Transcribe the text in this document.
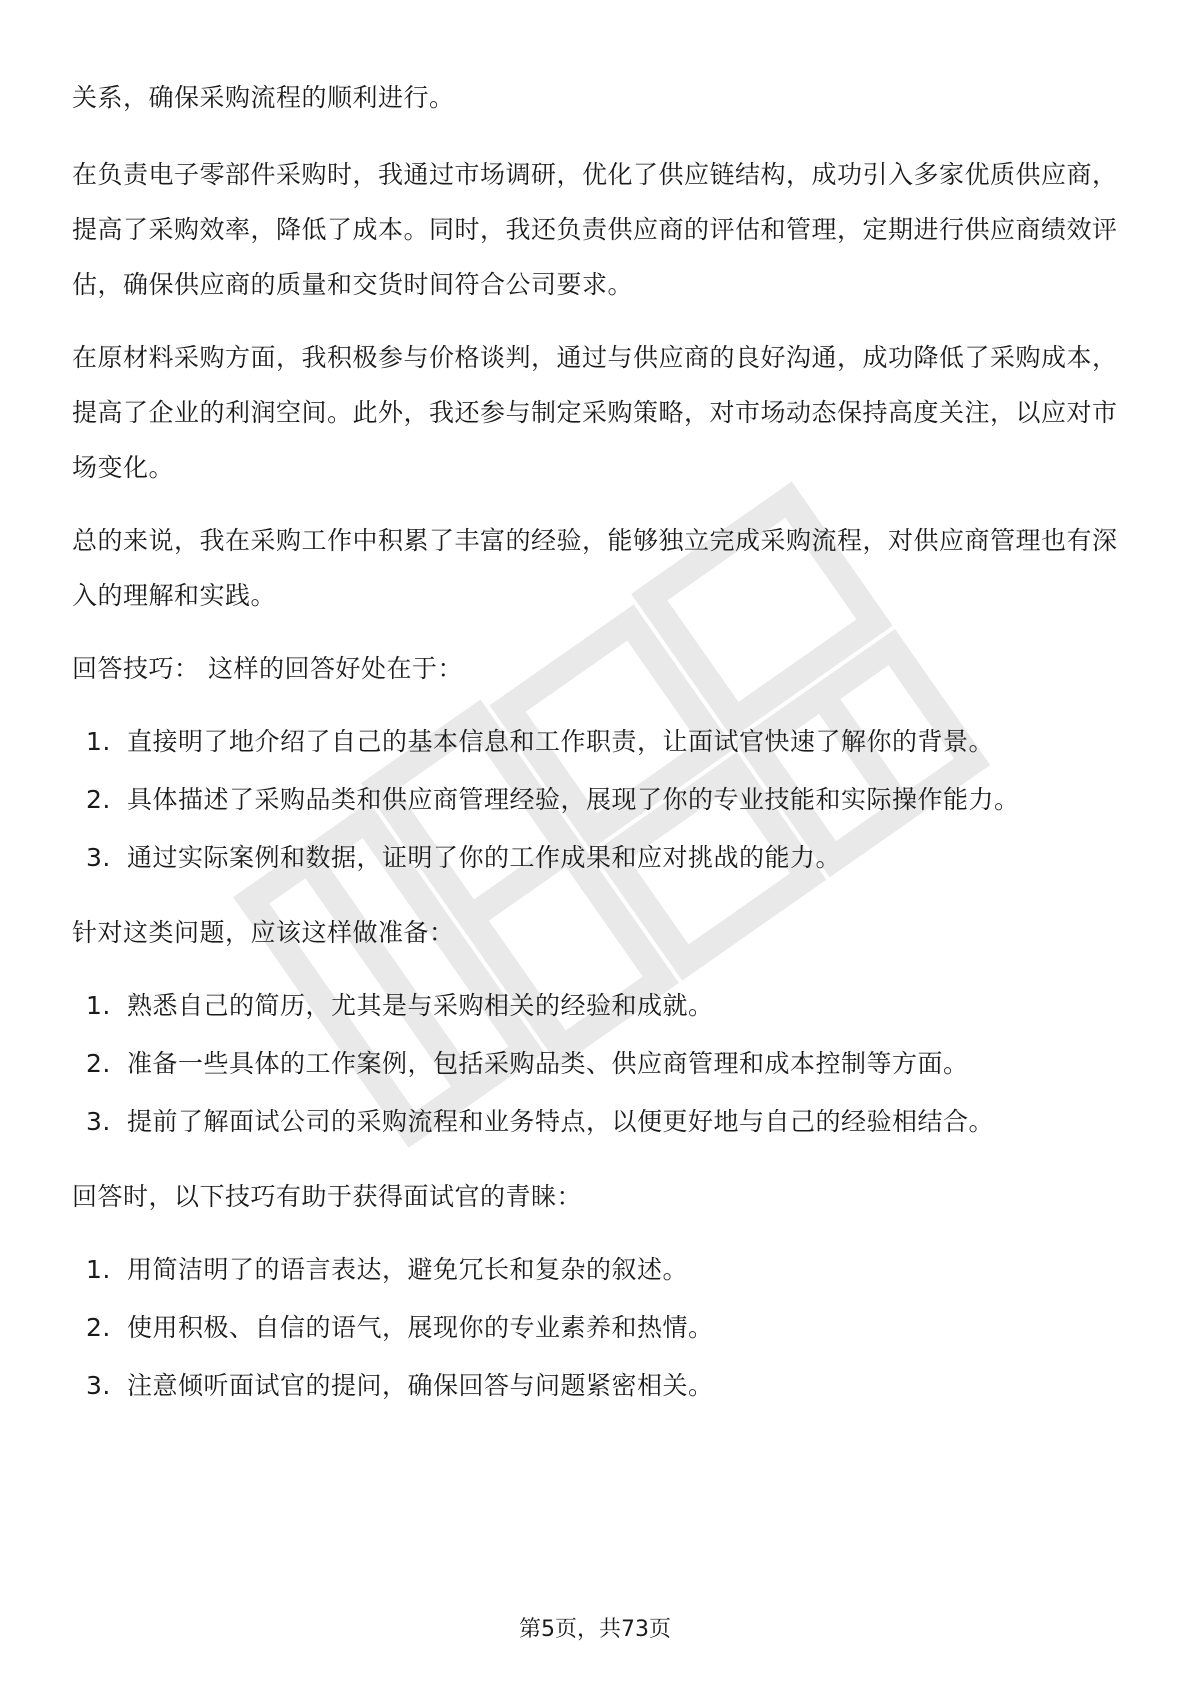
关系，确保采购流程的顺利进行。

在负责电子零部件采购时，我通过市场调研，优化了供应链结构，成功引入多家优质供应商，提高了采购效率，降低了成本。同时，我还负责供应商的评估和管理，定期进行供应商绩效评估，确保供应商的质量和交货时间符合公司要求。

在原材料采购方面，我积极参与价格谈判，通过与供应商的良好沟通，成功降低了采购成本，提高了企业的利润空间。此外，我还参与制定采购策略，对市场动态保持高度关注，以应对市场变化。

总的来说，我在采购工作中积累了丰富的经验，能够独立完成采购流程，对供应商管理也有深入的理解和实践。

回答技巧： 这样的回答好处在于：

1. 直接明了地介绍了自己的基本信息和工作职责，让面试官快速了解你的背景。
2. 具体描述了采购品类和供应商管理经验，展现了你的专业技能和实际操作能力。
3. 通过实际案例和数据，证明了你的工作成果和应对挑战的能力。

针对这类问题，应该这样做准备：

1. 熟悉自己的简历，尤其是与采购相关的经验和成就。
2. 准备一些具体的工作案例，包括采购品类、供应商管理和成本控制等方面。
3. 提前了解面试公司的采购流程和业务特点，以便更好地与自己的经验相结合。

回答时，以下技巧有助于获得面试官的青睐：

1. 用简洁明了的语言表达，避免冗长和复杂的叙述。
2. 使用积极、自信的语气，展现你的专业素养和热情。
3. 注意倾听面试官的提问，确保回答与问题紧密相关。
第5页，共73页
